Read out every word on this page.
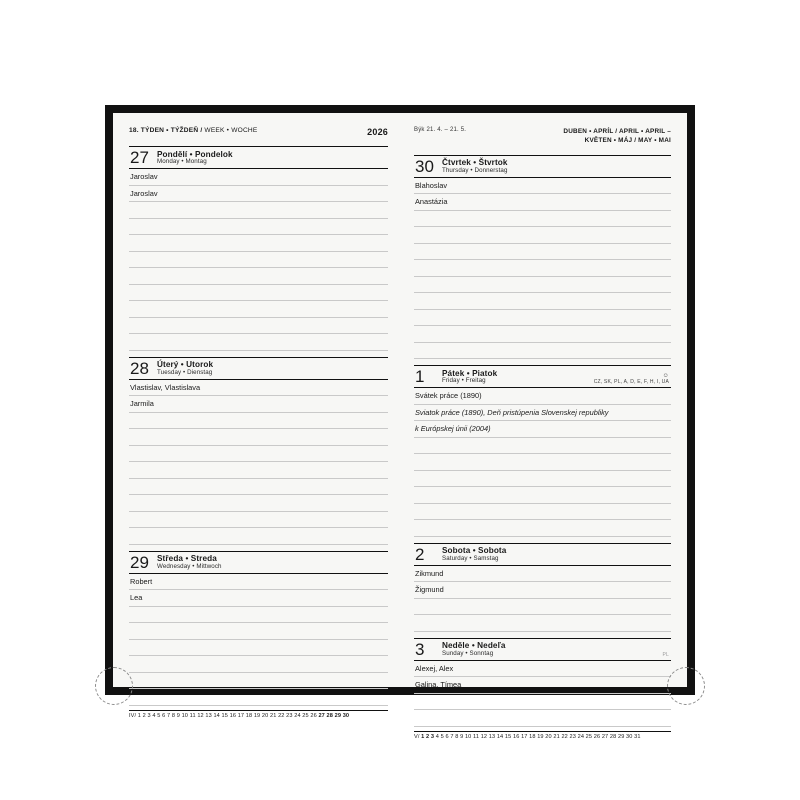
18. TÝDEN • TÝŽDEŇ / WEEK • WOCHE	2026
27 Pondělí • Pondelok
Monday • Montag
Jaroslav
Jaroslav
28 Úterý • Utorok
Tuesday • Dienstag
Vlastislav, Vlastislava
Jarmila
29 Středa • Streda
Wednesday • Mittwoch
Robert
Lea
IV/ 1 2 3 4 5 6 7 8 9 10 11 12 13 14 15 16 17 18 19 20 21 22 23 24 25 26 27 28 29 30
Býk 21. 4. – 21. 5.	DUBEN • APRÍL / APRIL • APRIL –
KVĚTEN • MÁJ / MAY • MAI
30 Čtvrtek • Štvrtok
Thursday • Donnerstag
Blahoslav
Anastázia
1	Pátek • Piatok
Friday • Freitag
☺
CZ, SK, PL, A, D, E, F, H, I, UA
Svátek práce (1890)
Sviatok práce (1890), Deň pristúpenia Slovenskej republiky
k Európskej únii (2004)
2	Sobota • Sobota
Saturday • Samstag
Zikmund
Žigmund
3	Neděle • Nedeľa
Sunday • Sonntag	PL
Alexej, Alex
Galina, Tímea
V/ 1 2 3 4 5 6 7 8 9 10 11 12 13 14 15 16 17 18 19 20 21 22 23 24 25 26 27 28 29 30 31
